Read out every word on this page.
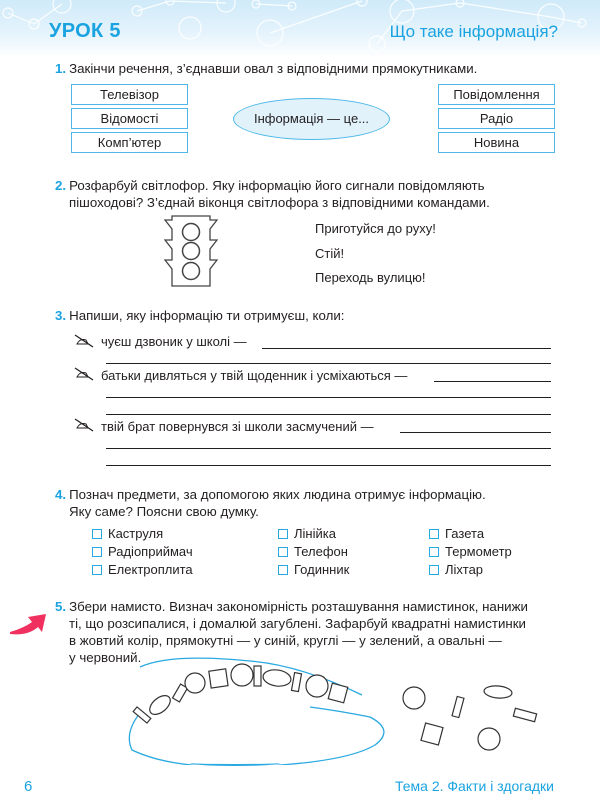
УРОК 5	Що таке інформація?
1. Закінчи речення, з’єднавши овал з відповідними прямокутниками.
Телевізор
Відомості
Комп’ютер
Інформація — це...
Повідомлення
Радіо
Новина
2. Розфарбуй світлофор. Яку інформацію його сигнали повідомляють
пішоходові? З’єднай віконця світлофора з відповідними командами.
Приготуйся до руху!
Стій!
Переходь вулицю!
3. Напиши, яку інформацію ти отримуєш, коли:
чуєш дзвоник у школі —
батьки дивляться у твій щоденник і усміхаються —
твій брат повернувся зі школи засмучений —
4. Познач предмети, за допомогою яких людина отримує інформацію.
Яку саме? Поясни свою думку.
Каструля
Радіоприймач
Електроплита
Лінійка
Телефон
Годинник
Газета
Термометр
Ліхтар
5. Збери намисто. Визнач закономірність розташування намистинок, нанижи
ті, що розсипалися, і домалюй загублені. Зафарбуй квадратні намистинки
в жовтий колір, прямокутні — у синій, круглі — у зелений, а овальні —
у червоний.
6	Тема 2. Факти і здогадки
